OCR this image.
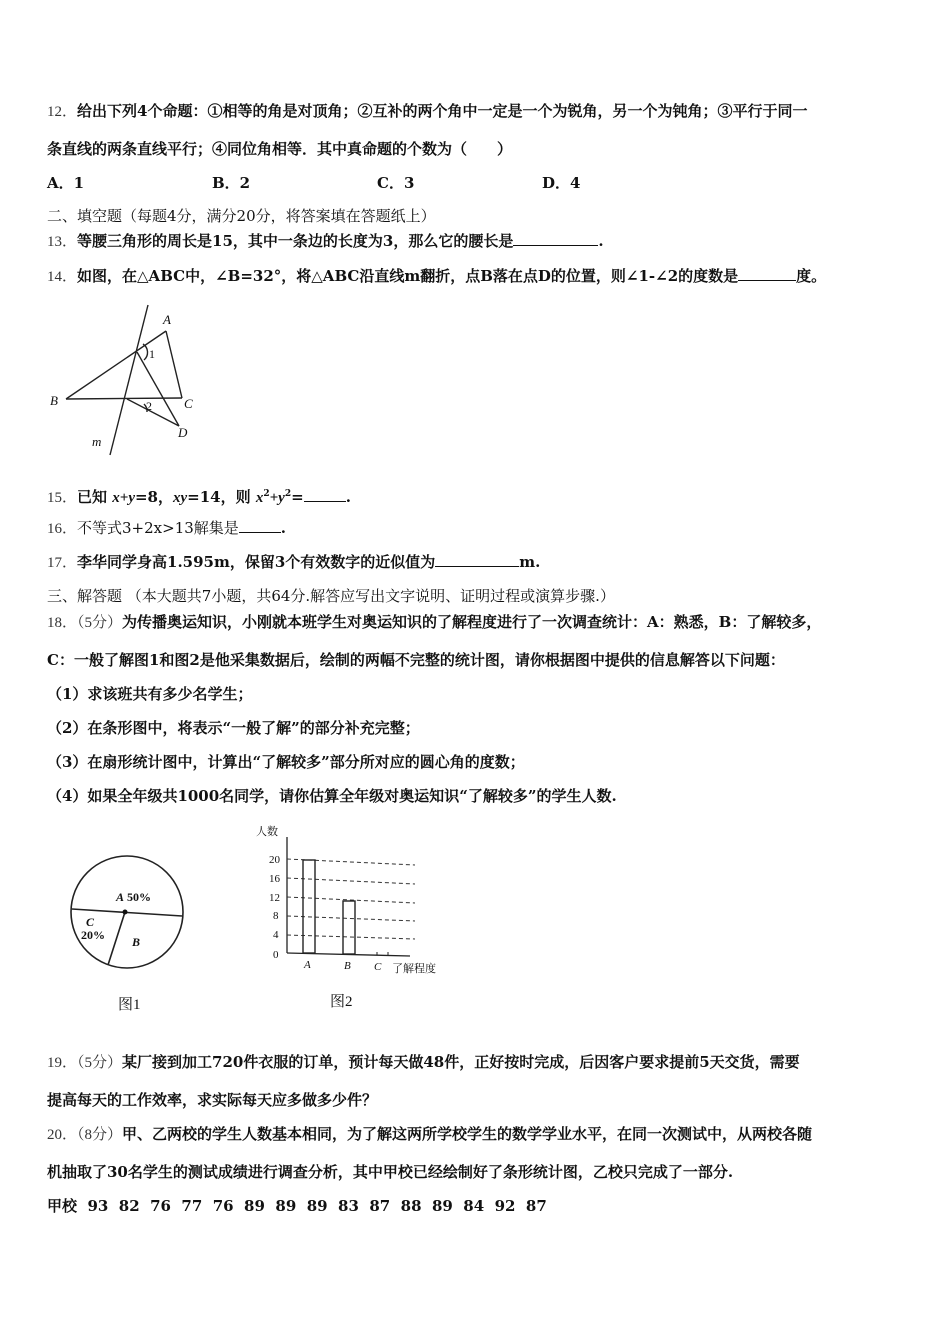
12．给出下列4个命题：①相等的角是对顶角；②互补的两个角中一定是一个为锐角，另一个为钝角；③平行于同一
条直线的两条直线平行；④同位角相等．其中真命题的个数为（　　）
A．1	B．2	C．3	D．4
二、填空题（每题4分，满分20分，将答案填在答题纸上）
13．等腰三角形的周长是15，其中一条边的长度为3，那么它的腰长是	.
14．如图，在△ABC中，∠B=32°，将△ABC沿直线m翻折，点B落在点D的位置，则∠1-∠2的度数是	度。
A
B	C
D
m
1
2
15．已知 x+y=8，xy=14，则 $x^2+y^2=$	.
16．不等式3+2x>13解集是	.
17．李华同学身高1.595m，保留3个有效数字的近似值为	m.
三、解答题 （本大题共7小题，共64分.解答应写出文字说明、证明过程或演算步骤.）
18．（5分）为传播奥运知识，小刚就本班学生对奥运知识的了解程度进行了一次调查统计：A：熟悉，B：了解较多，
C：一般了解图1和图2是他采集数据后，绘制的两幅不完整的统计图，请你根据图中提供的信息解答以下问题：
（1）求该班共有多少名学生；
（2）在条形图中，将表示“一般了解”的部分补充完整；
（3）在扇形统计图中，计算出“了解较多”部分所对应的圆心角的度数；
（4）如果全年级共1000名同学，请你估算全年级对奥运知识“了解较多”的学生人数.
A 50%
C
20% B
图1
人数
20
16
12
8
4
0
A	B C 了解程度
图2
19．（5分）某厂接到加工720件衣服的订单，预计每天做48件，正好按时完成，后因客户要求提前5天交货，需要
提高每天的工作效率，求实际每天应多做多少件？
20．（8分）甲、乙两校的学生人数基本相同，为了解这两所学校学生的数学学业水平，在同一次测试中，从两校各随
机抽取了30名学生的测试成绩进行调查分析，其中甲校已经绘制好了条形统计图，乙校只完成了一部分.
甲校 93  82  76  77  76  89  89  89  83  87  88  89  84  92  87
